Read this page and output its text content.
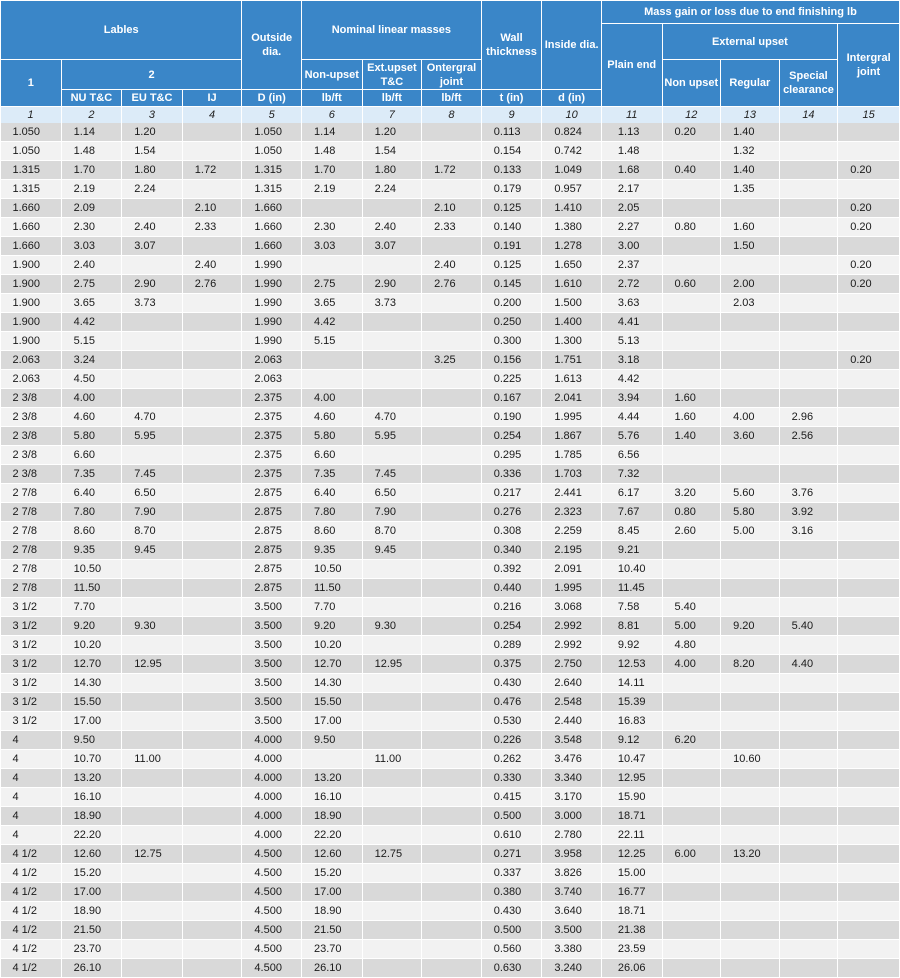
Lables				Outside dia.	Nominal linear masses			Wall thickness	Inside dia.	Mass gain or loss due to end finishing lb				
										Plain end	External upset			Intergral joint
1	2				Non-upset	Ext.upset T&C	Ontergral joint				Non upset	Regular	Special clearance	
	NU T&C	EU T&C	IJ	D (in)	lb/ft	lb/ft	lb/ft	t (in)	d (in)					
1	2	3	4	5	6	7	8	9	10	11	12	13	14	15
1.050	1.14	1.20		1.050	1.14	1.20		0.113	0.824	1.13	0.20	1.40		
1.050	1.48	1.54		1.050	1.48	1.54		0.154	0.742	1.48		1.32		
1.315	1.70	1.80	1.72	1.315	1.70	1.80	1.72	0.133	1.049	1.68	0.40	1.40		0.20
1.315	2.19	2.24		1.315	2.19	2.24		0.179	0.957	2.17		1.35		
1.660	2.09		2.10	1.660			2.10	0.125	1.410	2.05				0.20
1.660	2.30	2.40	2.33	1.660	2.30	2.40	2.33	0.140	1.380	2.27	0.80	1.60		0.20
1.660	3.03	3.07		1.660	3.03	3.07		0.191	1.278	3.00		1.50		
1.900	2.40		2.40	1.990			2.40	0.125	1.650	2.37				0.20
1.900	2.75	2.90	2.76	1.990	2.75	2.90	2.76	0.145	1.610	2.72	0.60	2.00		0.20
1.900	3.65	3.73		1.990	3.65	3.73		0.200	1.500	3.63		2.03		
1.900	4.42			1.990	4.42			0.250	1.400	4.41				
1.900	5.15			1.990	5.15			0.300	1.300	5.13				
2.063	3.24			2.063			3.25	0.156	1.751	3.18				0.20
2.063	4.50			2.063				0.225	1.613	4.42				
2 3/8	4.00			2.375	4.00			0.167	2.041	3.94	1.60			
2 3/8	4.60	4.70		2.375	4.60	4.70		0.190	1.995	4.44	1.60	4.00	2.96	
2 3/8	5.80	5.95		2.375	5.80	5.95		0.254	1.867	5.76	1.40	3.60	2.56	
2 3/8	6.60			2.375	6.60			0.295	1.785	6.56				
2 3/8	7.35	7.45		2.375	7.35	7.45		0.336	1.703	7.32				
2 7/8	6.40	6.50		2.875	6.40	6.50		0.217	2.441	6.17	3.20	5.60	3.76	
2 7/8	7.80	7.90		2.875	7.80	7.90		0.276	2.323	7.67	0.80	5.80	3.92	
2 7/8	8.60	8.70		2.875	8.60	8.70		0.308	2.259	8.45	2.60	5.00	3.16	
2 7/8	9.35	9.45		2.875	9.35	9.45		0.340	2.195	9.21				
2 7/8	10.50			2.875	10.50			0.392	2.091	10.40				
2 7/8	11.50			2.875	11.50			0.440	1.995	11.45				
3 1/2	7.70			3.500	7.70			0.216	3.068	7.58	5.40			
3 1/2	9.20	9.30		3.500	9.20	9.30		0.254	2.992	8.81	5.00	9.20	5.40	
3 1/2	10.20			3.500	10.20			0.289	2.992	9.92	4.80			
3 1/2	12.70	12.95		3.500	12.70	12.95		0.375	2.750	12.53	4.00	8.20	4.40	
3 1/2	14.30			3.500	14.30			0.430	2.640	14.11				
3 1/2	15.50			3.500	15.50			0.476	2.548	15.39				
3 1/2	17.00			3.500	17.00			0.530	2.440	16.83				
4	9.50			4.000	9.50			0.226	3.548	9.12	6.20			
4	10.70	11.00		4.000		11.00		0.262	3.476	10.47		10.60		
4	13.20			4.000	13.20			0.330	3.340	12.95				
4	16.10			4.000	16.10			0.415	3.170	15.90				
4	18.90			4.000	18.90			0.500	3.000	18.71				
4	22.20			4.000	22.20			0.610	2.780	22.11				
4 1/2	12.60	12.75		4.500	12.60	12.75		0.271	3.958	12.25	6.00	13.20		
4 1/2	15.20			4.500	15.20			0.337	3.826	15.00				
4 1/2	17.00			4.500	17.00			0.380	3.740	16.77				
4 1/2	18.90			4.500	18.90			0.430	3.640	18.71				
4 1/2	21.50			4.500	21.50			0.500	3.500	21.38				
4 1/2	23.70			4.500	23.70			0.560	3.380	23.59				
4 1/2	26.10			4.500	26.10			0.630	3.240	26.06				
